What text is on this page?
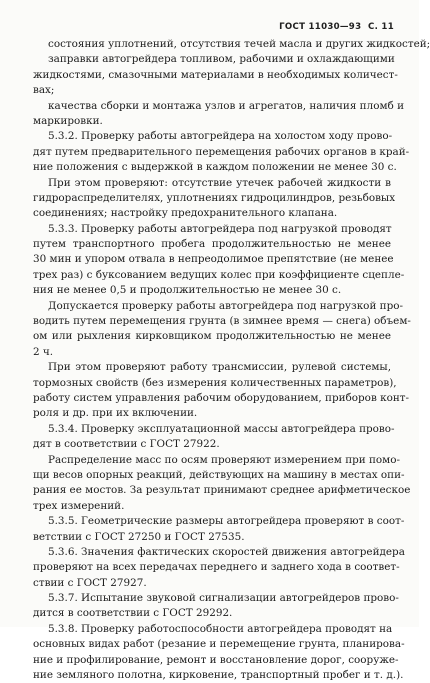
ГОСТ 11030—93 С. 11
состояния уплотнений, отсутствия течей масла и других жидкостей;
заправки автогрейдера топливом, рабочими и охлаждающими
жидкостями, смазочными материалами в необходимых количест-
вах;
качества сборки и монтажа узлов и агрегатов, наличия пломб и
маркировки.
5.3.2. Проверку работы автогрейдера на холостом ходу прово-
дят путем предварительного перемещения рабочих органов в край-
ние положения с выдержкой в каждом положении не менее 30 с.
При этом проверяют: отсутствие утечек рабочей жидкости в
гидрораспределителях, уплотнениях гидроцилиндров, резьбовых
соединениях; настройку предохранительного клапана.
5.3.3. Проверку работы автогрейдера под нагрузкой проводят
путем транспортного пробега продолжительностью не менее
30 мин и упором отвала в непреодолимое препятствие (не менее
трех раз) с буксованием ведущих колес при коэффициенте сцепле-
ния не менее 0,5 и продолжительностью не менее 30 с.
Допускается проверку работы автогрейдера под нагрузкой про-
водить путем перемещения грунта (в зимнее время — снега) объем-
ом или рыхления кирковщиком продолжительностью не менее
2 ч.
При этом проверяют работу трансмиссии, рулевой системы,
тормозных свойств (без измерения количественных параметров),
работу систем управления рабочим оборудованием, приборов конт-
роля и др. при их включении.
5.3.4. Проверку эксплуатационной массы автогрейдера прово-
дят в соответствии с ГОСТ 27922.
Распределение масс по осям проверяют измерением при помо-
щи весов опорных реакций, действующих на машину в местах опи-
рания ее мостов. За результат принимают среднее арифметическое
трех измерений.
5.3.5. Геометрические размеры автогрейдера проверяют в соот-
ветствии с ГОСТ 27250 и ГОСТ 27535.
5.3.6. Значения фактических скоростей движения автогрейдера
проверяют на всех передачах переднего и заднего хода в соответ-
ствии с ГОСТ 27927.
5.3.7. Испытание звуковой сигнализации автогрейдеров прово-
дится в соответствии с ГОСТ 29292.
5.3.8. Проверку работоспособности автогрейдера проводят на
основных видах работ (резание и перемещение грунта, планирова-
ние и профилирование, ремонт и восстановление дорог, сооруже-
ние земляного полотна, кирковение, транспортный пробег и т. д.).
